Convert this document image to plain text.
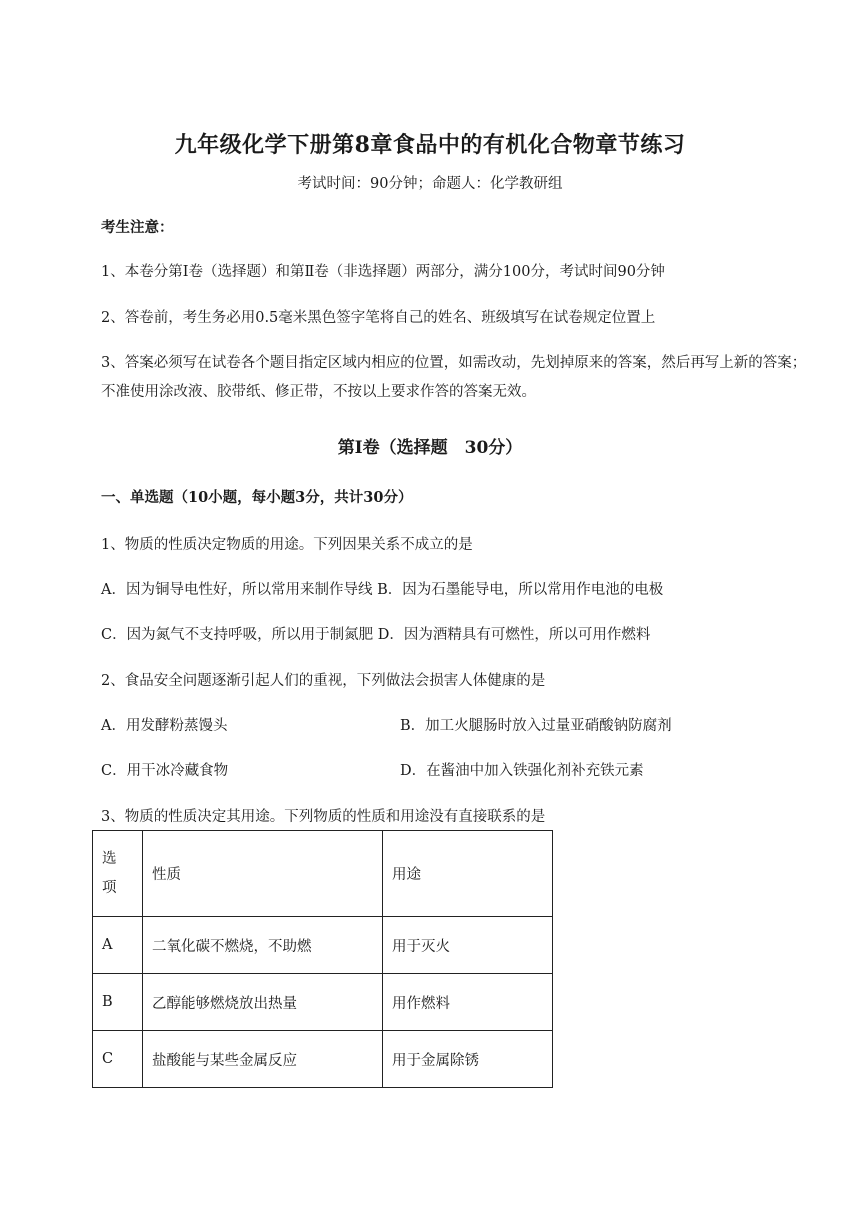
九年级化学下册第8章食品中的有机化合物章节练习
考试时间：90分钟；命题人：化学教研组
考生注意：
1、本卷分第Ⅰ卷（选择题）和第Ⅱ卷（非选择题）两部分，满分100分，考试时间90分钟
2、答卷前，考生务必用0.5毫米黑色签字笔将自己的姓名、班级填写在试卷规定位置上
3、答案必须写在试卷各个题目指定区域内相应的位置，如需改动，先划掉原来的答案，然后再写上新的答案；不准使用涂改液、胶带纸、修正带，不按以上要求作答的答案无效。
第Ⅰ卷（选择题　30分）
一、单选题（10小题，每小题3分，共计30分）
1、物质的性质决定物质的用途。下列因果关系不成立的是
A．因为铜导电性好，所以常用来制作导线 B．因为石墨能导电，所以常用作电池的电极
C．因为氮气不支持呼吸，所以用于制氮肥 D．因为酒精具有可燃性，所以可用作燃料
2、食品安全问题逐渐引起人们的重视，下列做法会损害人体健康的是
A．用发酵粉蒸馒头	B．加工火腿肠时放入过量亚硝酸钠防腐剂
C．用干冰冷藏食物	D．在酱油中加入铁强化剂补充铁元素
3、物质的性质决定其用途。下列物质的性质和用途没有直接联系的是
选
项	性质	用途
A	二氧化碳不燃烧，不助燃	用于灭火
B	乙醇能够燃烧放出热量	用作燃料
C	盐酸能与某些金属反应	用于金属除锈
